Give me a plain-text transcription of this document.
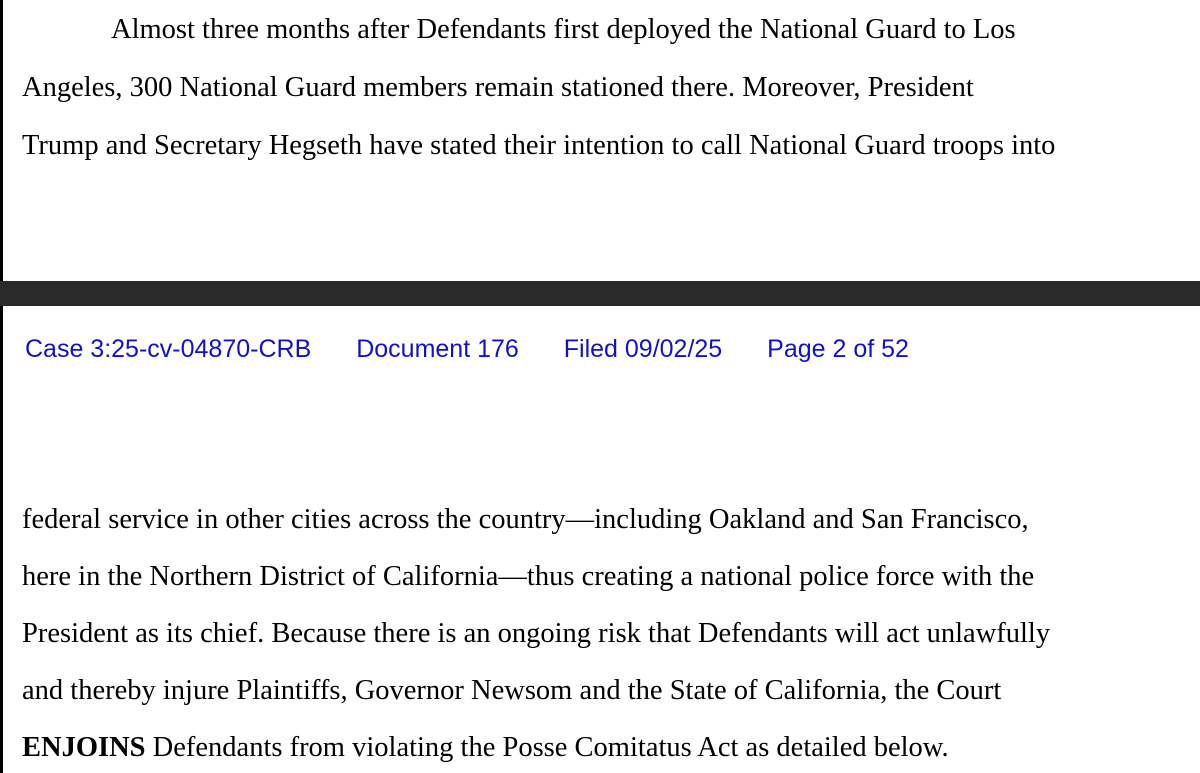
Almost three months after Defendants first deployed the National Guard to Los
Angeles, 300 National Guard members remain stationed there. Moreover, President
Trump and Secretary Hegseth have stated their intention to call National Guard troops into
Case 3:25-cv-04870-CRB Document 176 Filed 09/02/25 Page 2 of 52
federal service in other cities across the country—including Oakland and San Francisco,
here in the Northern District of California—thus creating a national police force with the
President as its chief. Because there is an ongoing risk that Defendants will act unlawfully
and thereby injure Plaintiffs, Governor Newsom and the State of California, the Court
ENJOINS Defendants from violating the Posse Comitatus Act as detailed below.
